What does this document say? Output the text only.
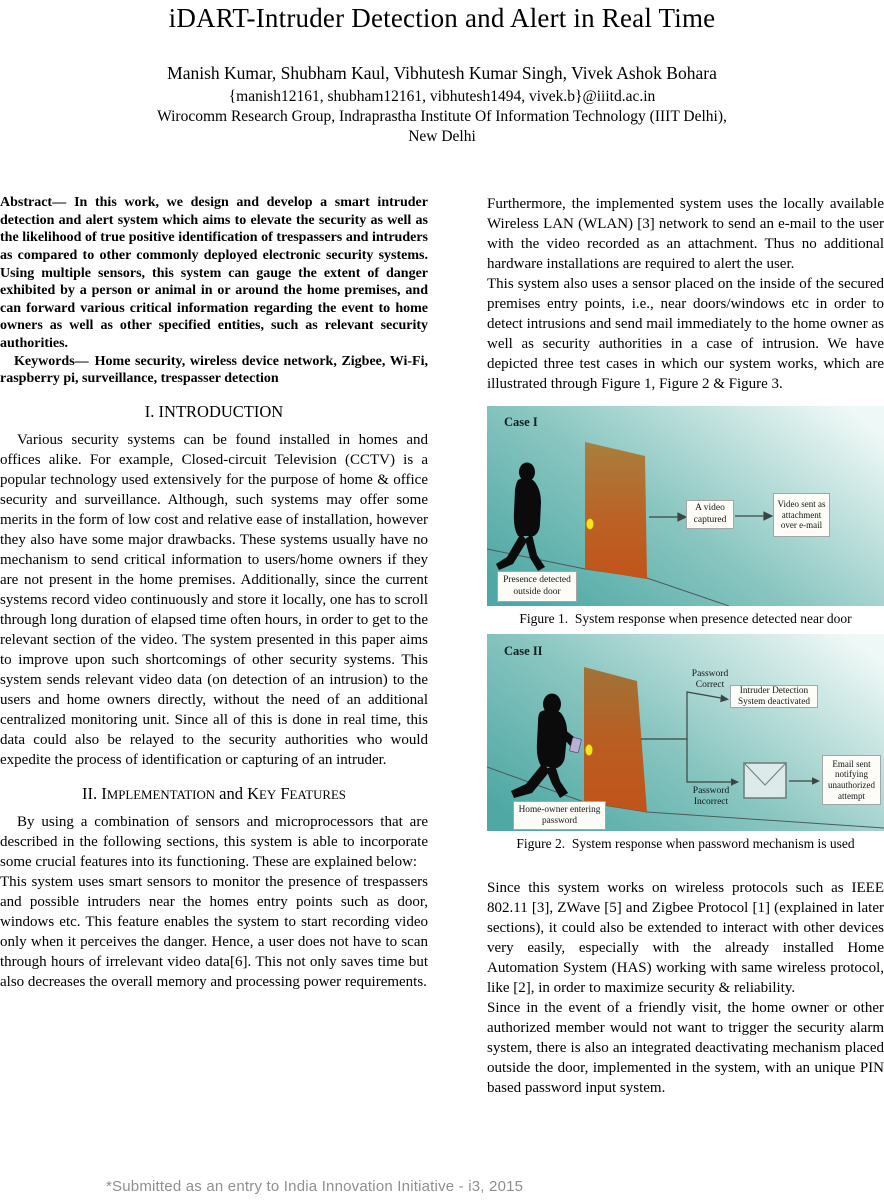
iDART-Intruder Detection and Alert in Real Time
Manish Kumar, Shubham Kaul, Vibhutesh Kumar Singh, Vivek Ashok Bohara
{manish12161, shubham12161, vibhutesh1494, vivek.b}@iiitd.ac.in
Wirocomm Research Group, Indraprastha Institute Of Information Technology (IIIT Delhi),
New Delhi

Abstract— In this work, we design and develop a smart intruder detection and alert system which aims to elevate the security as well as the likelihood of true positive identification of trespassers and intruders as compared to other commonly deployed electronic security systems. Using multiple sensors, this system can gauge the extent of danger exhibited by a person or animal in or around the home premises, and can forward various critical information regarding the event to home owners as well as other specified entities, such as relevant security authorities.

Keywords— Home security, wireless device network, Zigbee, Wi-Fi, raspberry pi, surveillance, trespasser detection

I. INTRODUCTION

Various security systems can be found installed in homes and offices alike. For example, Closed-circuit Television (CCTV) is a popular technology used extensively for the purpose of home & office security and surveillance. Although, such systems may offer some merits in the form of low cost and relative ease of installation, however they also have some major drawbacks. These systems usually have no mechanism to send critical information to users/home owners if they are not present in the home premises. Additionally, since the current systems record video continuously and store it locally, one has to scroll through long duration of elapsed time often hours, in order to get to the relevant section of the video. The system presented in this paper aims to improve upon such shortcomings of other security systems. This system sends relevant video data (on detection of an intrusion) to the users and home owners directly, without the need of an additional centralized monitoring unit. Since all of this is done in real time, this data could also be relayed to the security authorities who would expedite the process of identification or capturing of an intruder.

II. IMPLEMENTATION and KEY FEATURES

By using a combination of sensors and microprocessors that are described in the following sections, this system is able to incorporate some crucial features into its functioning. These are explained below:

This system uses smart sensors to monitor the presence of trespassers and possible intruders near the homes entry points such as door, windows etc. This feature enables the system to start recording video only when it perceives the danger. Hence, a user does not have to scan through hours of irrelevant video data[6]. This not only saves time but also decreases the overall memory and processing power requirements.

Furthermore, the implemented system uses the locally available Wireless LAN (WLAN) [3] network to send an e-mail to the user with the video recorded as an attachment. Thus no additional hardware installations are required to alert the user.

This system also uses a sensor placed on the inside of the secured premises entry points, i.e., near doors/windows etc in order to detect intrusions and send mail immediately to the home owner as well as security authorities in a case of intrusion. We have depicted three test cases in which our system works, which are illustrated through Figure 1, Figure 2 & Figure 3.

Case I
A video captured
Video sent as attachment over e-mail
Presence detected outside door
Figure 1.  System response when presence detected near door
Case II
Password Correct
Intruder Detection System deactivated
Password Incorrect
Email sent notifying unauthorized attempt
Home-owner entering password
Figure 2.  System response when password mechanism is used

Since this system works on wireless protocols such as IEEE 802.11 [3], ZWave [5] and Zigbee Protocol [1] (explained in later sections), it could also be extended to interact with other devices very easily, especially with the already installed Home Automation System (HAS) working with same wireless protocol, like [2], in order to maximize security & reliability.

Since in the event of a friendly visit, the home owner or other authorized member would not want to trigger the security alarm system, there is also an integrated deactivating mechanism placed outside the door, implemented in the system, with an unique PIN based password input system.

*Submitted as an entry to India Innovation Initiative - i3, 2015
